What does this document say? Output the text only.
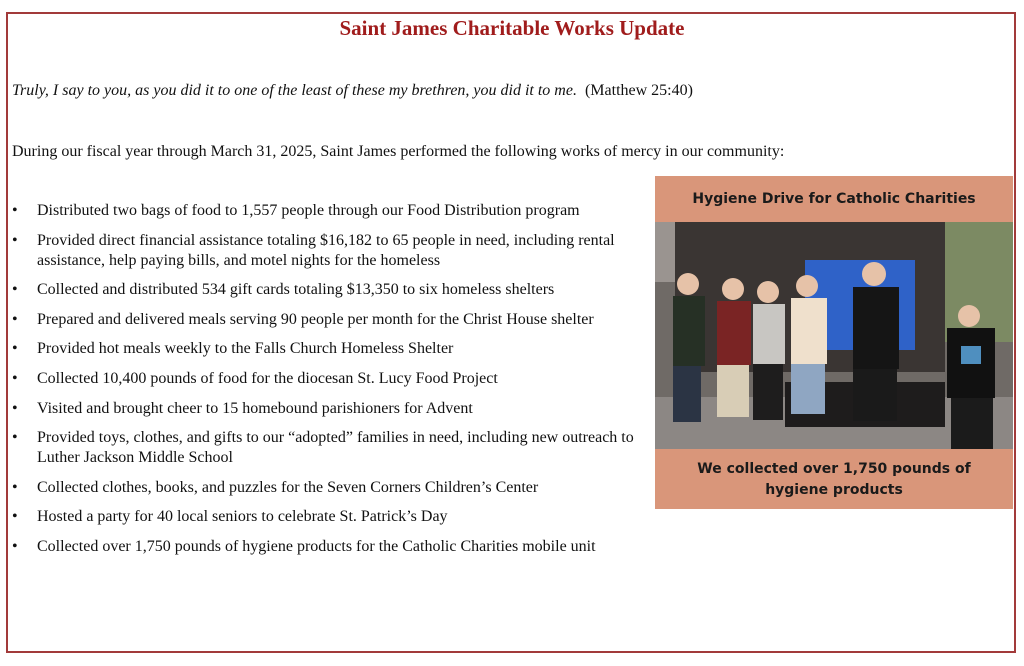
Saint James Charitable Works Update
Truly, I say to you, as you did it to one of the least of these my brethren, you did it to me. (Matthew 25:40)
During our fiscal year through March 31, 2025, Saint James performed the following works of mercy in our community:
• Distributed two bags of food to 1,557 people through our Food Distribution program
• Provided direct financial assistance totaling $16,182 to 65 people in need, including rental assistance, help paying bills, and motel nights for the homeless
• Collected and distributed 534 gift cards totaling $13,350 to six homeless shelters
• Prepared and delivered meals serving 90 people per month for the Christ House shelter
• Provided hot meals weekly to the Falls Church Homeless Shelter
• Collected 10,400 pounds of food for the diocesan St. Lucy Food Project
• Visited and brought cheer to 15 homebound parishioners for Advent
• Provided toys, clothes, and gifts to our “adopted” families in need, including new outreach to Luther Jackson Middle School
• Collected clothes, books, and puzzles for the Seven Corners Children’s Center
• Hosted a party for 40 local seniors to celebrate St. Patrick’s Day
• Collected over 1,750 pounds of hygiene products for the Catholic Charities mobile unit
Hygiene Drive for Catholic Charities
We collected over 1,750 pounds of hygiene products
